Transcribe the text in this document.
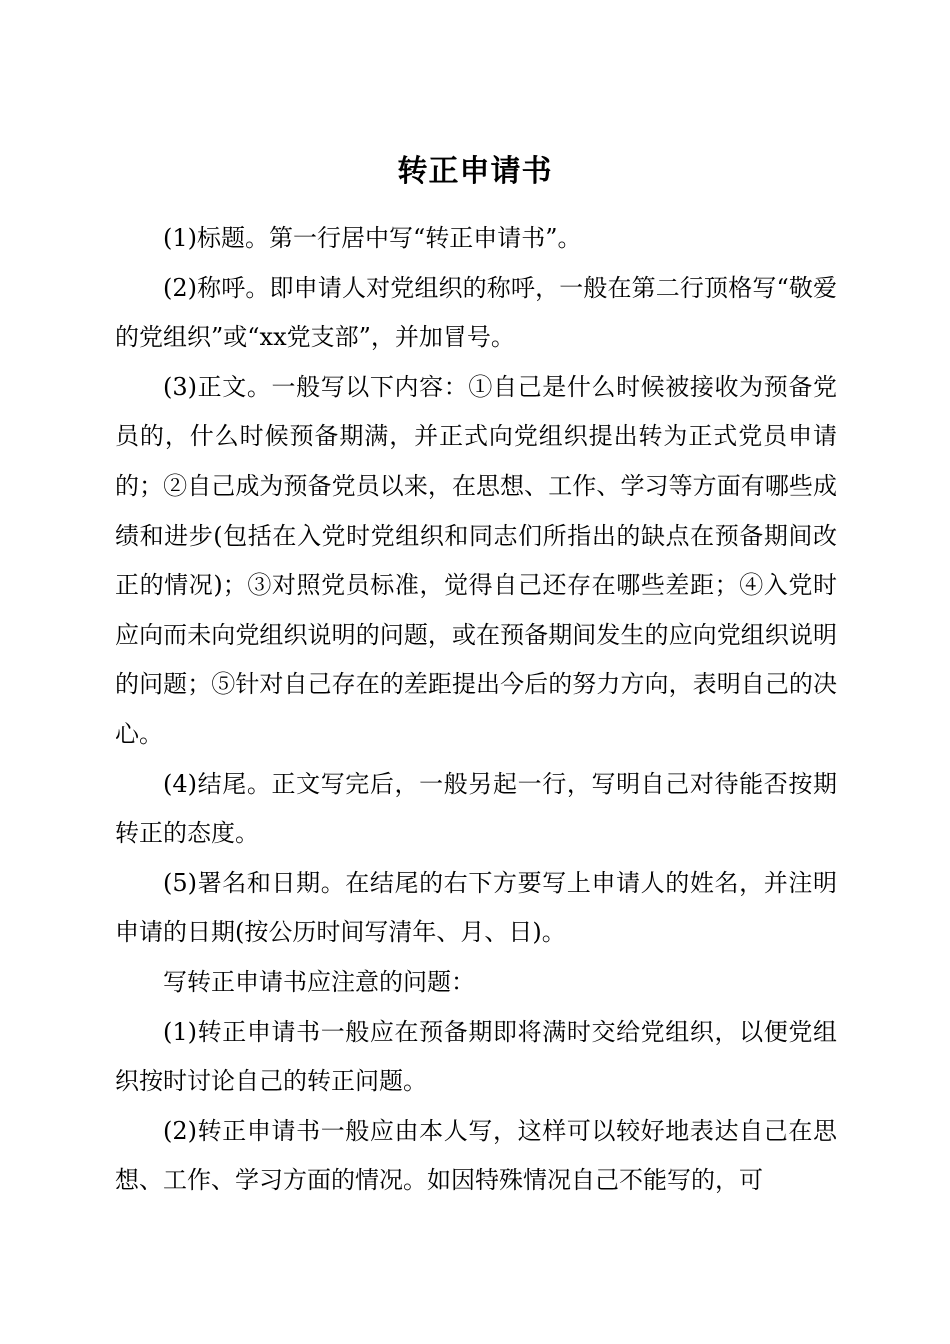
转正申请书

(1)标题。第一行居中写“转正申请书”。

(2)称呼。即申请人对党组织的称呼，一般在第二行顶格写“敬爱的党组织”或“xx党支部”，并加冒号。

(3)正文。一般写以下内容：①自己是什么时候被接收为预备党员的，什么时候预备期满，并正式向党组织提出转为正式党员申请的；②自己成为预备党员以来，在思想、工作、学习等方面有哪些成绩和进步(包括在入党时党组织和同志们所指出的缺点在预备期间改正的情况)；③对照党员标准，觉得自己还存在哪些差距；④入党时应向而未向党组织说明的问题，或在预备期间发生的应向党组织说明的问题；⑤针对自己存在的差距提出今后的努力方向，表明自己的决心。

(4)结尾。正文写完后，一般另起一行，写明自己对待能否按期转正的态度。

(5)署名和日期。在结尾的右下方要写上申请人的姓名，并注明申请的日期(按公历时间写清年、月、日)。

写转正申请书应注意的问题：

(1)转正申请书一般应在预备期即将满时交给党组织，以便党组织按时讨论自己的转正问题。

(2)转正申请书一般应由本人写，这样可以较好地表达自己在思想、工作、学习方面的情况。如因特殊情况自己不能写的，可
